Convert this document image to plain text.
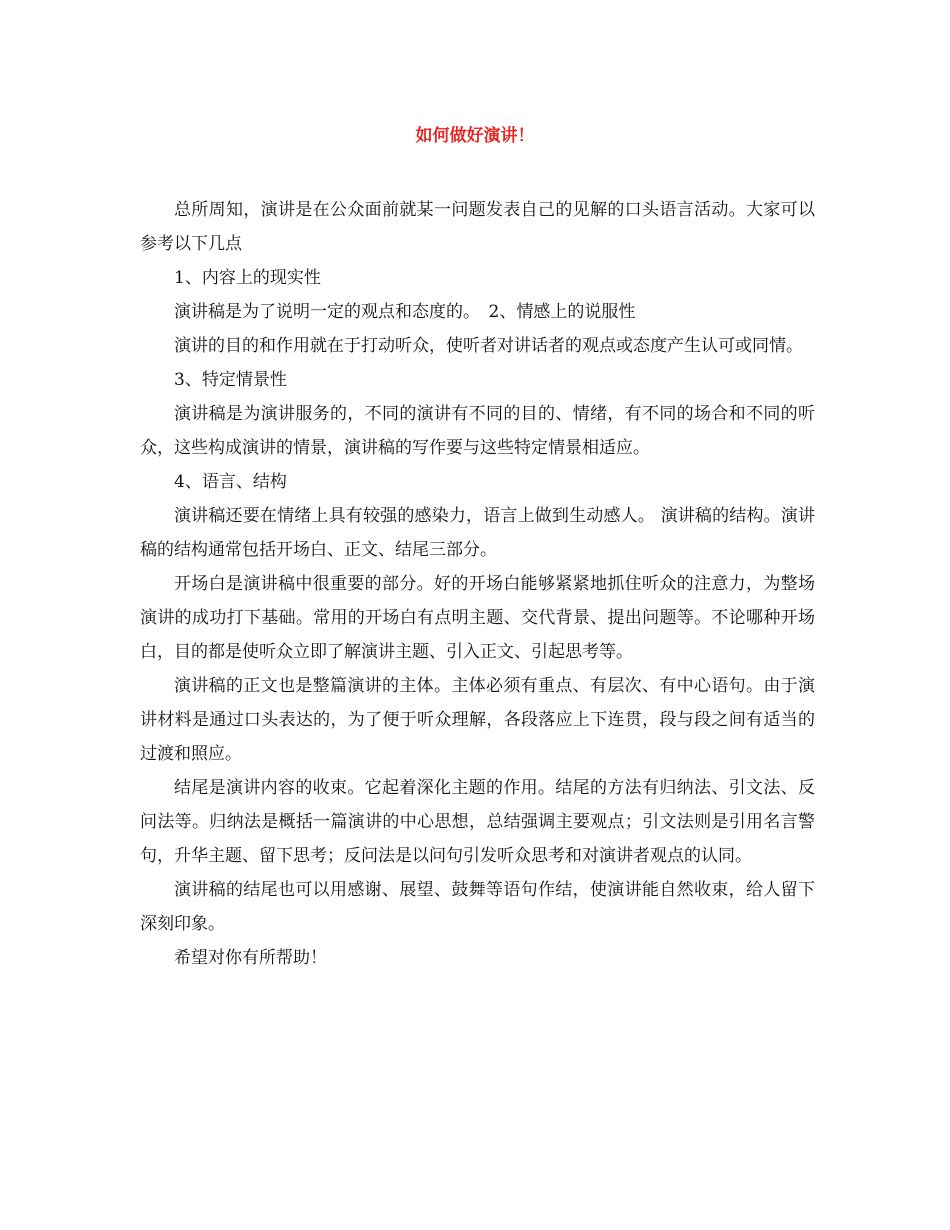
如何做好演讲！

总所周知，演讲是在公众面前就某一问题发表自己的见解的口头语言活动。大家可以参考以下几点

1、内容上的现实性

演讲稿是为了说明一定的观点和态度的。　2、情感上的说服性

演讲的目的和作用就在于打动听众，使听者对讲话者的观点或态度产生认可或同情。

3、特定情景性

演讲稿是为演讲服务的，不同的演讲有不同的目的、情绪，有不同的场合和不同的听众，这些构成演讲的情景，演讲稿的写作要与这些特定情景相适应。

4、语言、结构

演讲稿还要在情绪上具有较强的感染力，语言上做到生动感人。 演讲稿的结构。演讲稿的结构通常包括开场白、正文、结尾三部分。

开场白是演讲稿中很重要的部分。好的开场白能够紧紧地抓住听众的注意力，为整场演讲的成功打下基础。常用的开场白有点明主题、交代背景、提出问题等。不论哪种开场白，目的都是使听众立即了解演讲主题、引入正文、引起思考等。

演讲稿的正文也是整篇演讲的主体。主体必须有重点、有层次、有中心语句。由于演讲材料是通过口头表达的，为了便于听众理解，各段落应上下连贯，段与段之间有适当的过渡和照应。

结尾是演讲内容的收束。它起着深化主题的作用。结尾的方法有归纳法、引文法、反问法等。归纳法是概括一篇演讲的中心思想，总结强调主要观点；引文法则是引用名言警句，升华主题、留下思考；反问法是以问句引发听众思考和对演讲者观点的认同。

演讲稿的结尾也可以用感谢、展望、鼓舞等语句作结，使演讲能自然收束，给人留下深刻印象。

希望对你有所帮助！
